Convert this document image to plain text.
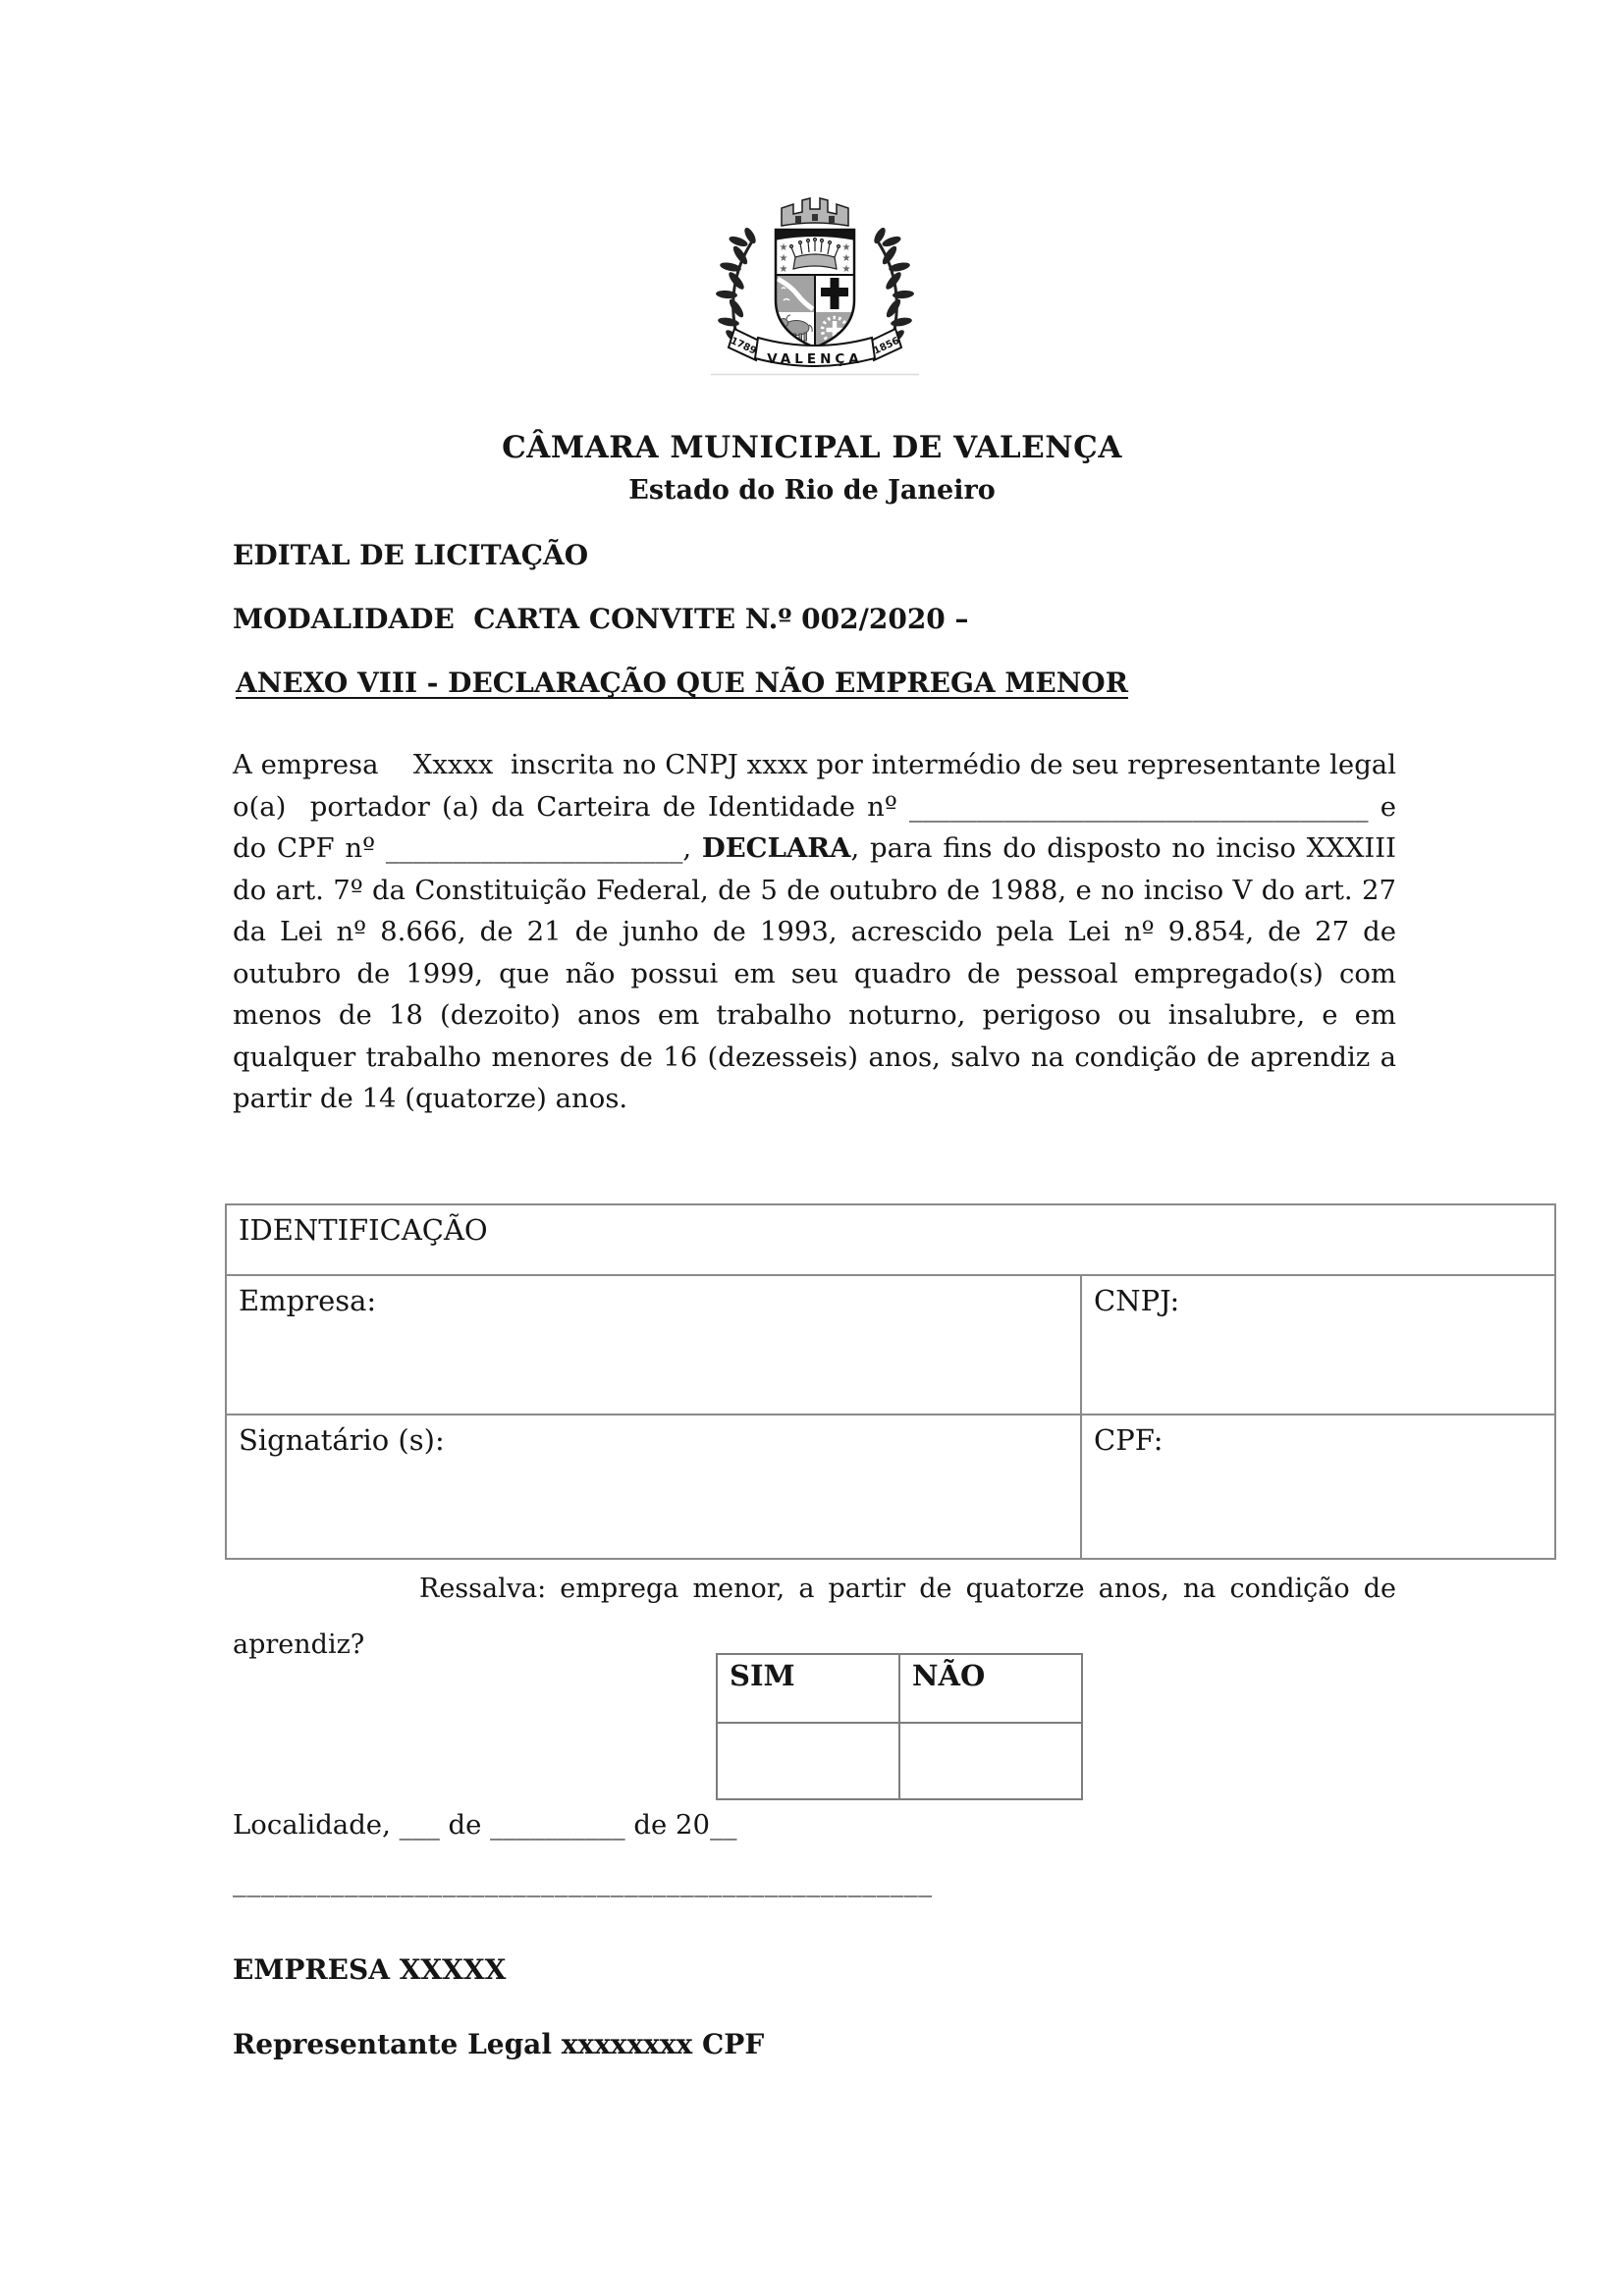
★
★
★
★
★
★
1789	1856
VALENÇA
CÂMARA MUNICIPAL DE VALENÇA
Estado do Rio de Janeiro
EDITAL DE LICITAÇÃO
MODALIDADE  CARTA CONVITE N.º 002/2020 –
ANEXO VIII - DECLARAÇÃO QUE NÃO EMPREGA MENOR

A empresa    Xxxxx  inscrita no CNPJ xxxx por intermédio de seu representante legal o(a)  portador (a) da Carteira de Identidade nº __________________________________ e do CPF nº ______________________, DECLARA, para fins do disposto no inciso XXXIII do art. 7º da Constituição Federal, de 5 de outubro de 1988, e no inciso V do art. 27 da Lei nº 8.666, de 21 de junho de 1993, acrescido pela Lei nº 9.854, de 27 de outubro de 1999, que não possui em seu quadro de pessoal empregado(s) com menos de 18 (dezoito) anos em trabalho noturno, perigoso ou insalubre, e em qualquer trabalho menores de 16 (dezesseis) anos, salvo na condição de aprendiz a partir de 14 (quatorze) anos.

IDENTIFICAÇÃO	
Empresa:	CNPJ:
Signatário (s):	CPF:

Ressalva: emprega menor, a partir de quatorze anos, na condição de aprendiz?

SIM	NÃO

Localidade, ___ de __________ de 20__
__________________________________________________
EMPRESA XXXXX
Representante Legal xxxxxxxx CPF
